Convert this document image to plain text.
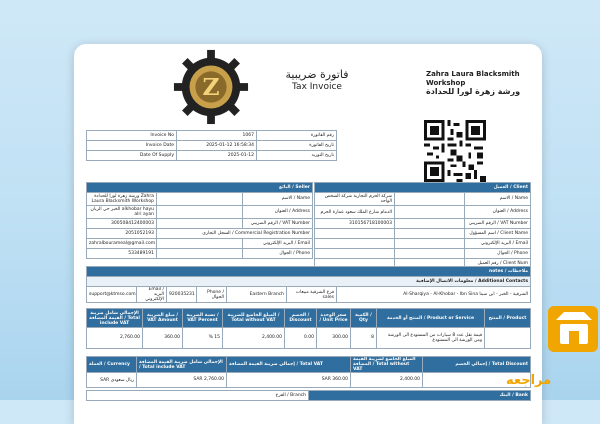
Z	فاتورة ضريبية
Tax Invoice
Zahra Laura Blacksmith Workshop
ورشة زهرة لورا للحدادة
Invoice No	1067	رقم الفاتورة
Invoice Date	2025-01-12 16:58:34	تاريخ الفاتورة
Date Of Supply	2025-01-12	تاريخ التوريد
البائع / Seller		
ورشة زهرة لورا للحدادة Zahra Laura Blacksmith Workshop		الاسم / Name
الخبر حي الريان alkhobar hayu alri ayan		العنوان / Address
300508412400003		الرقم الضريبي / VAT Number
2051052193	السجل التجاري / Commercial Registration Number	
zahralbourameal@gmail.com		البريد الإلكتروني / Email
533489191		الجوال / Phone
العميل / Client		
شركة الحرم التجارية شركة الشخص الواحد		الاسم / Name
الدمام شارع الملك سعود عمارة الحرم		العنوان / Address
310156718100003		الرقم الضريبي / VAT Number
		اسم المسؤول / Client Name
		البريد الإلكتروني / Email
		الجوال / Phone
		رقم العميل / Client Num
notes / ملاحظات
معلومات الاتصال الإضافية / Additional Contacts
support@ktmso.com	Email / البريد الإلكتروني	920035231	Phone / الجوال	Eastern Branch	فرع الشرقية مبيعات sales	Al-Sharqiya - Al-Khobar - Ibn Sina الشرقية - الخبر - ابن سينا
الإجمالي شامل ضريبة القيمة المضافة / Total include VAT	مبلغ الضريبة / VAT Amount	نسبة الضريبة / VAT Percent	المبلغ الخاضع للضريبة / Total without VAT	الخصم / Discount	سعر الوحدة / Unit Price	الكمية / Qty	المنتج أو الخدمة / Product or Service	المنتج / Product
2,760.00	360.00	% 15	2,400.00	0.00	300.00	8	قيمة نقل عدد 8 سيارات من المستودع الى الورشة ومن الورشة الى المستودع	
العملة / Currency	الإجمالي شامل ضريبة القيمة المضافة / Total include VAT	إجمالي ضريبة القيمة المضافة / Total VAT	المبلغ الخاضع لضريبة القيمة المضافة / Total without VAT	إجمالي الخصم / Total Discount
SAR ريال سعودي	SAR 2,760.00	SAR 360.00	2,400.00	
الفرع / Branch	البنك / Bank
مراجعه
